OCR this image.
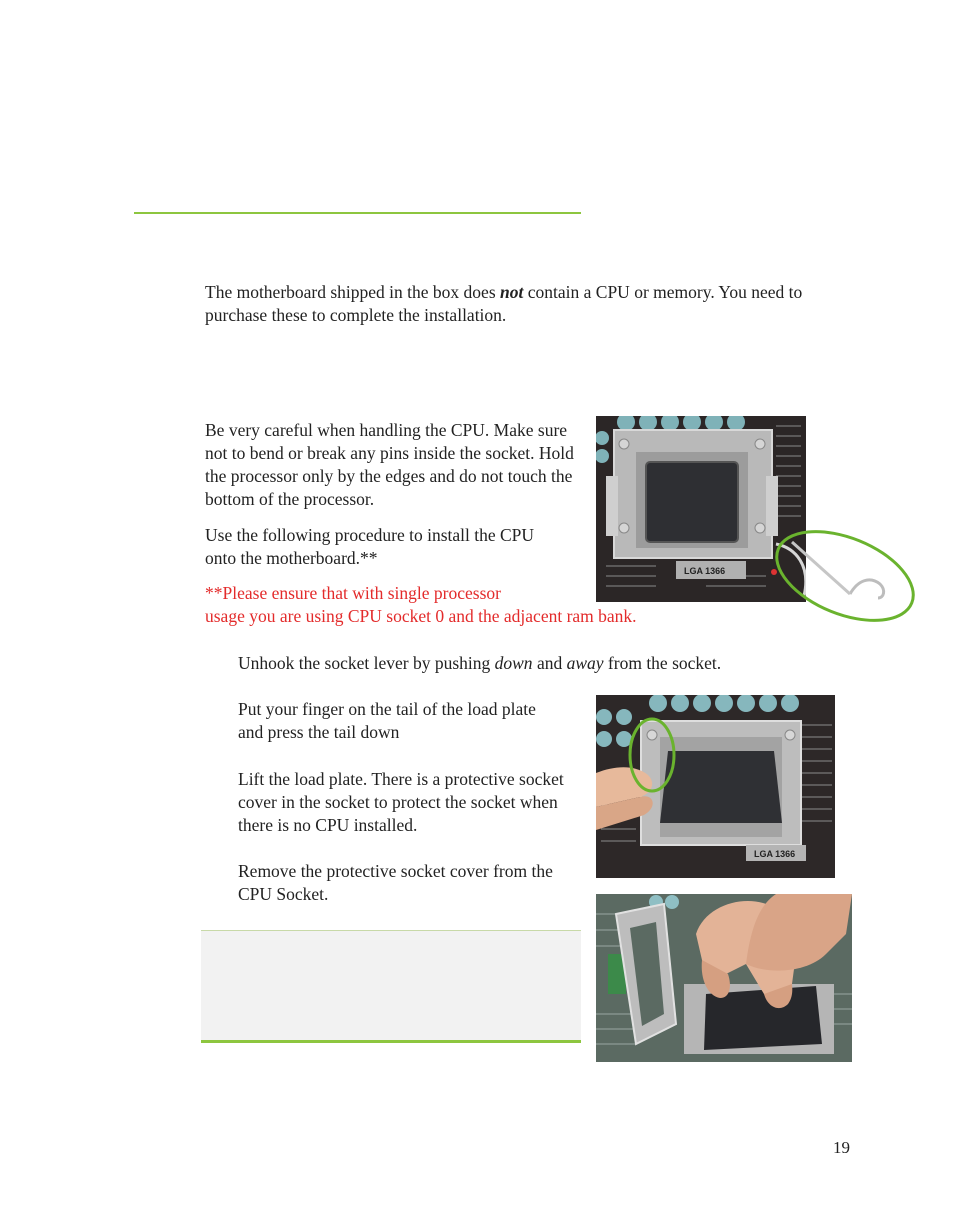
The motherboard shipped in the box does not contain a CPU or memory. You need to purchase these to complete the installation.

Be very careful when handling the CPU. Make sure not to bend or break any pins inside the socket. Hold the processor only by the edges and do not touch the bottom of the processor.

Use the following procedure to install the CPU onto the motherboard.**

**Please ensure that with single processor

usage you are using CPU socket 0 and the adjacent ram bank.

LGA 1366

Unhook the socket lever by pushing down and away from the socket.

Put your finger on the tail of the load plate and press the tail down

Lift the load plate. There is a protective socket cover in the socket to protect the socket when there is no CPU installed.

Remove the protective socket cover from the CPU Socket.

LGA 1366
19
